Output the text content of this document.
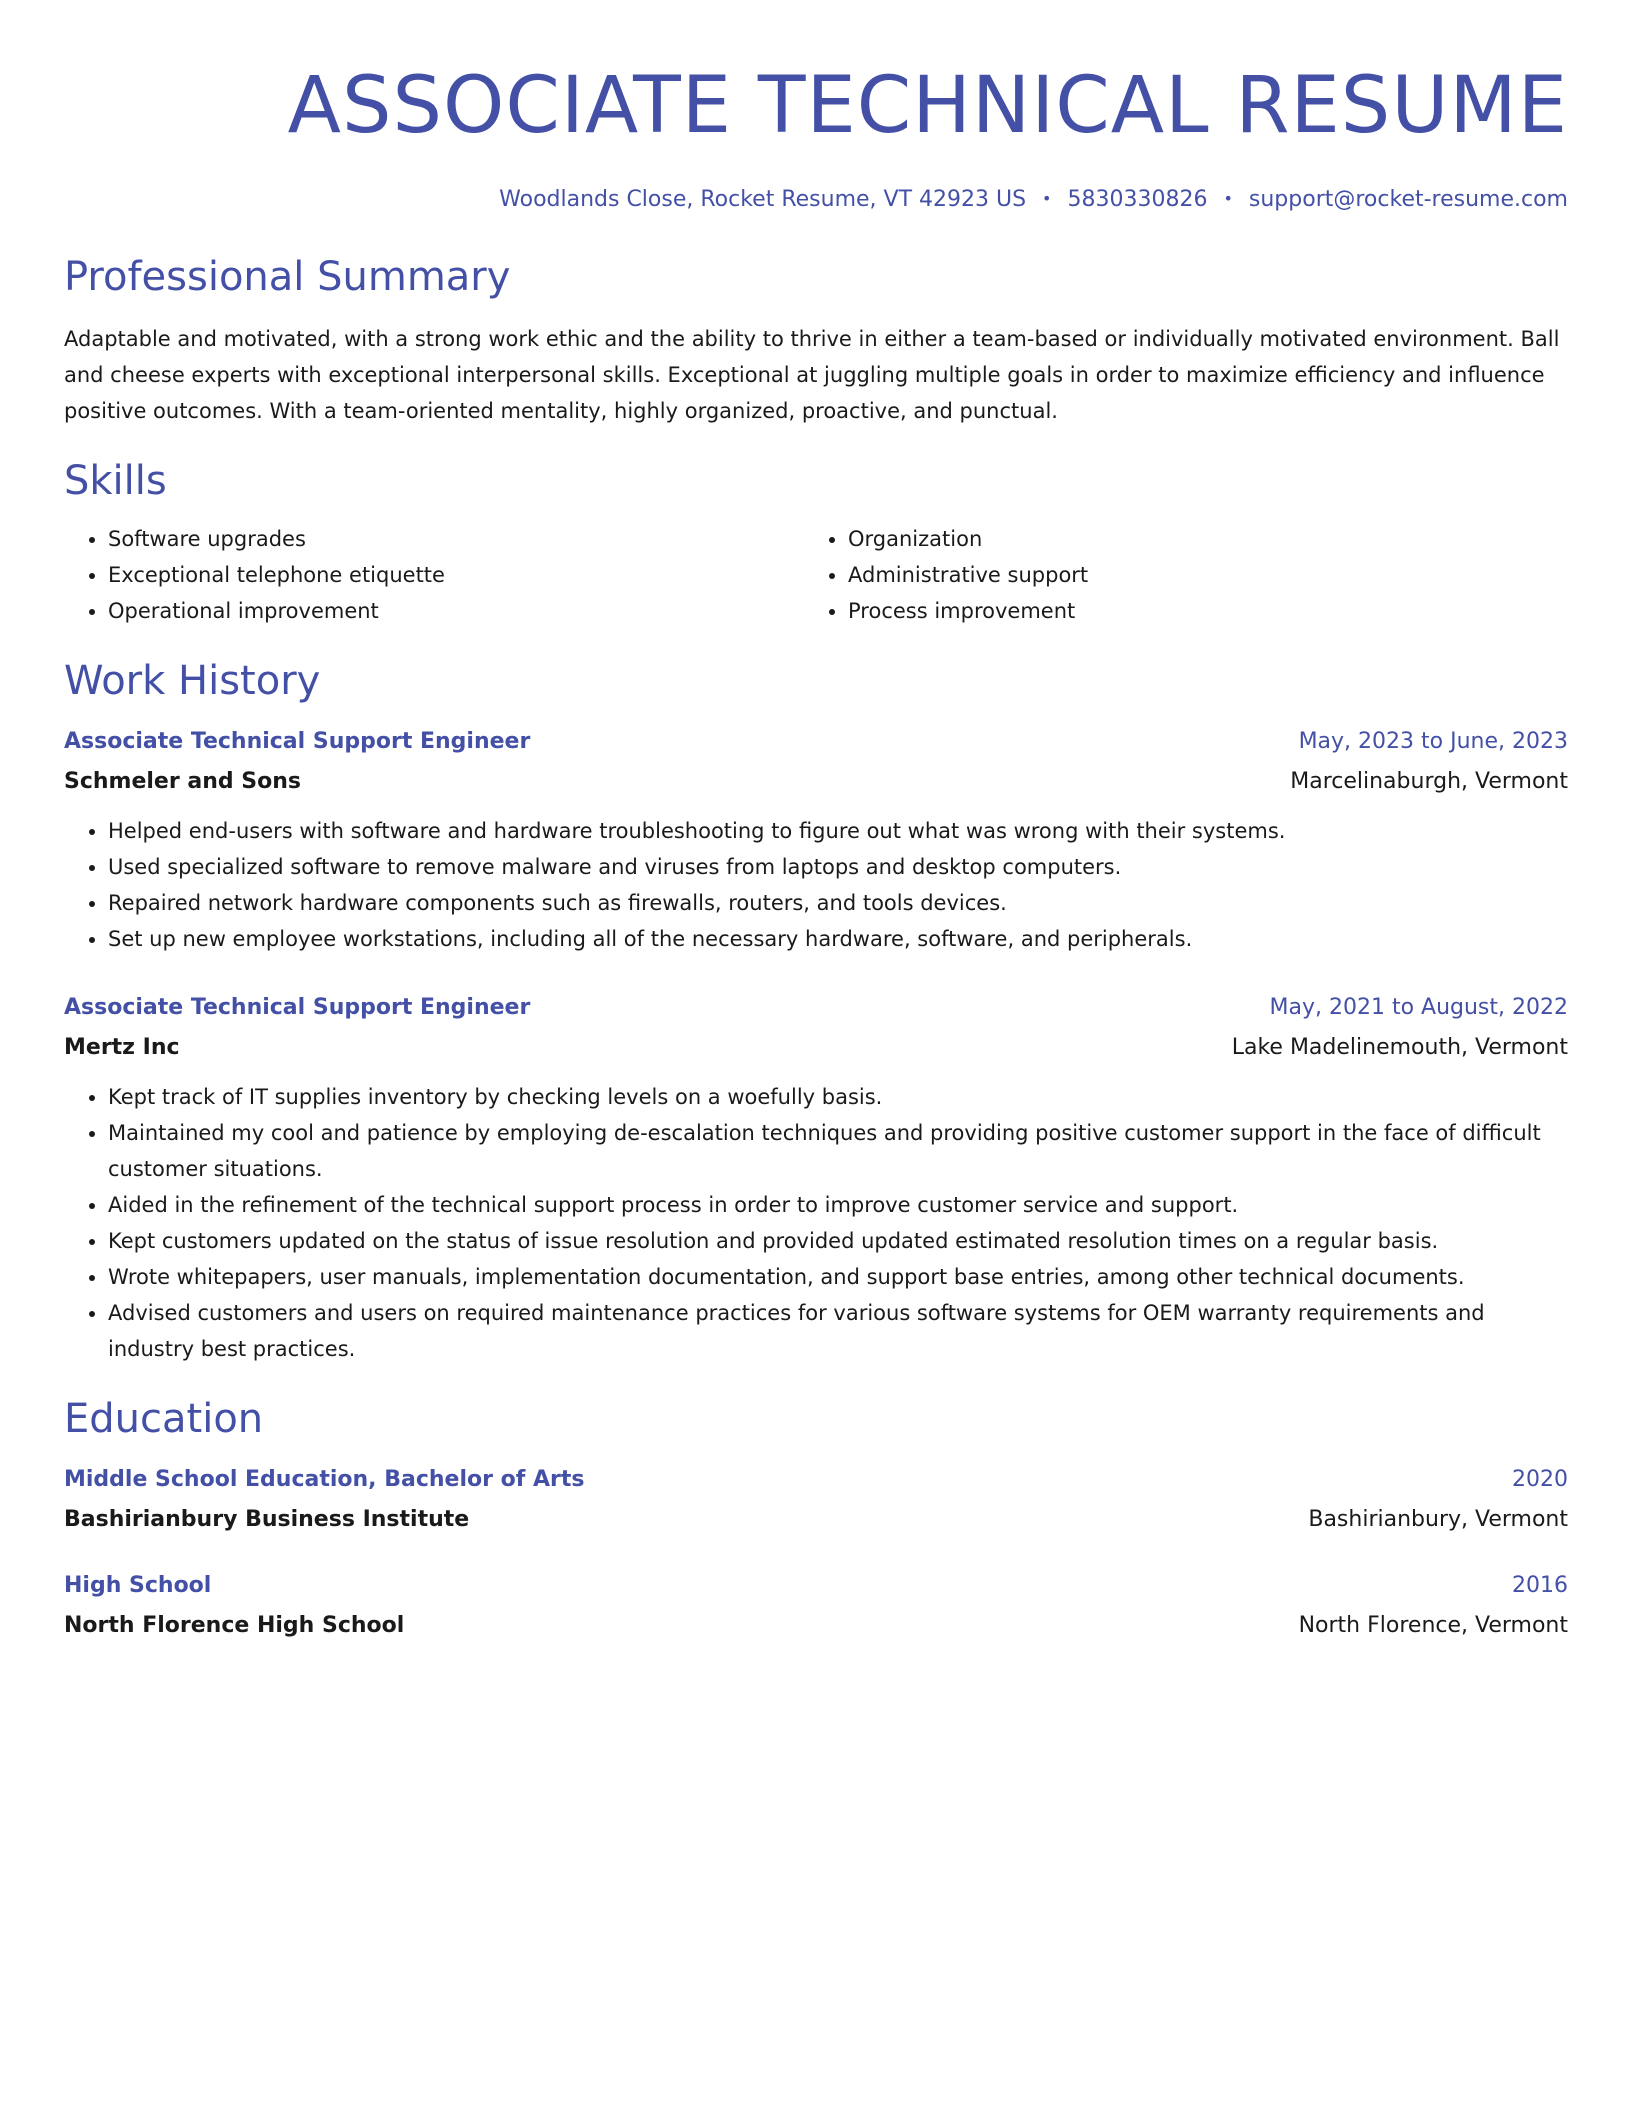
ASSOCIATE TECHNICAL RESUME
Woodlands Close, Rocket Resume, VT 42923 US • 5830330826 • support@rocket-resume.com
Professional Summary

Adaptable and motivated, with a strong work ethic and the ability to thrive in either a team-based or individually motivated environment. Ball and cheese experts with exceptional interpersonal skills. Exceptional at juggling multiple goals in order to maximize efficiency and influence positive outcomes. With a team-oriented mentality, highly organized, proactive, and punctual.

Skills
• Software upgrades
• Exceptional telephone etiquette
• Operational improvement
• Organization
• Administrative support
• Process improvement
Work History
Associate Technical Support Engineer	May, 2023 to June, 2023
Schmeler and Sons	Marcelinaburgh, Vermont
• Helped end-users with software and hardware troubleshooting to figure out what was wrong with their systems.
• Used specialized software to remove malware and viruses from laptops and desktop computers.
• Repaired network hardware components such as firewalls, routers, and tools devices.
• Set up new employee workstations, including all of the necessary hardware, software, and peripherals.
Associate Technical Support Engineer	May, 2021 to August, 2022
Mertz Inc	Lake Madelinemouth, Vermont
• Kept track of IT supplies inventory by checking levels on a woefully basis.
• Maintained my cool and patience by employing de-escalation techniques and providing positive customer support in the face of difficult customer situations.
• Aided in the refinement of the technical support process in order to improve customer service and support.
• Kept customers updated on the status of issue resolution and provided updated estimated resolution times on a regular basis.
• Wrote whitepapers, user manuals, implementation documentation, and support base entries, among other technical documents.
• Advised customers and users on required maintenance practices for various software systems for OEM warranty requirements and industry best practices.
Education
Middle School Education, Bachelor of Arts	2020
Bashirianbury Business Institute	Bashirianbury, Vermont
High School	2016
North Florence High School	North Florence, Vermont
